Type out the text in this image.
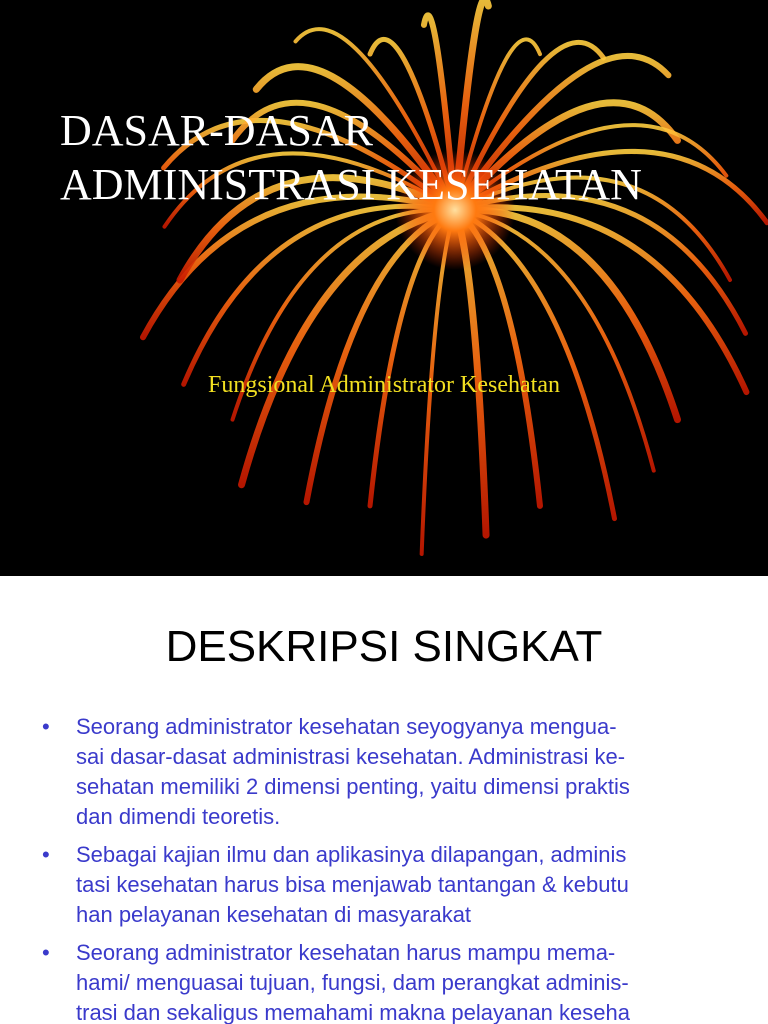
DASAR-DASAR
ADMINISTRASI KESEHATAN

Fungsional Administrator Kesehatan

DESKRIPSI SINGKAT
• Seorang administrator kesehatan seyogyanya mengua-
sai dasar-dasat administrasi kesehatan. Administrasi ke-
sehatan memiliki 2 dimensi penting, yaitu dimensi praktis
dan dimendi teoretis.
• Sebagai kajian ilmu dan aplikasinya dilapangan, adminis
tasi kesehatan harus bisa menjawab tantangan & kebutu
han pelayanan kesehatan di masyarakat
• Seorang administrator kesehatan harus mampu mema-
hami/ menguasai tujuan, fungsi, dam perangkat adminis-
trasi dan sekaligus memahami makna pelayanan keseha
